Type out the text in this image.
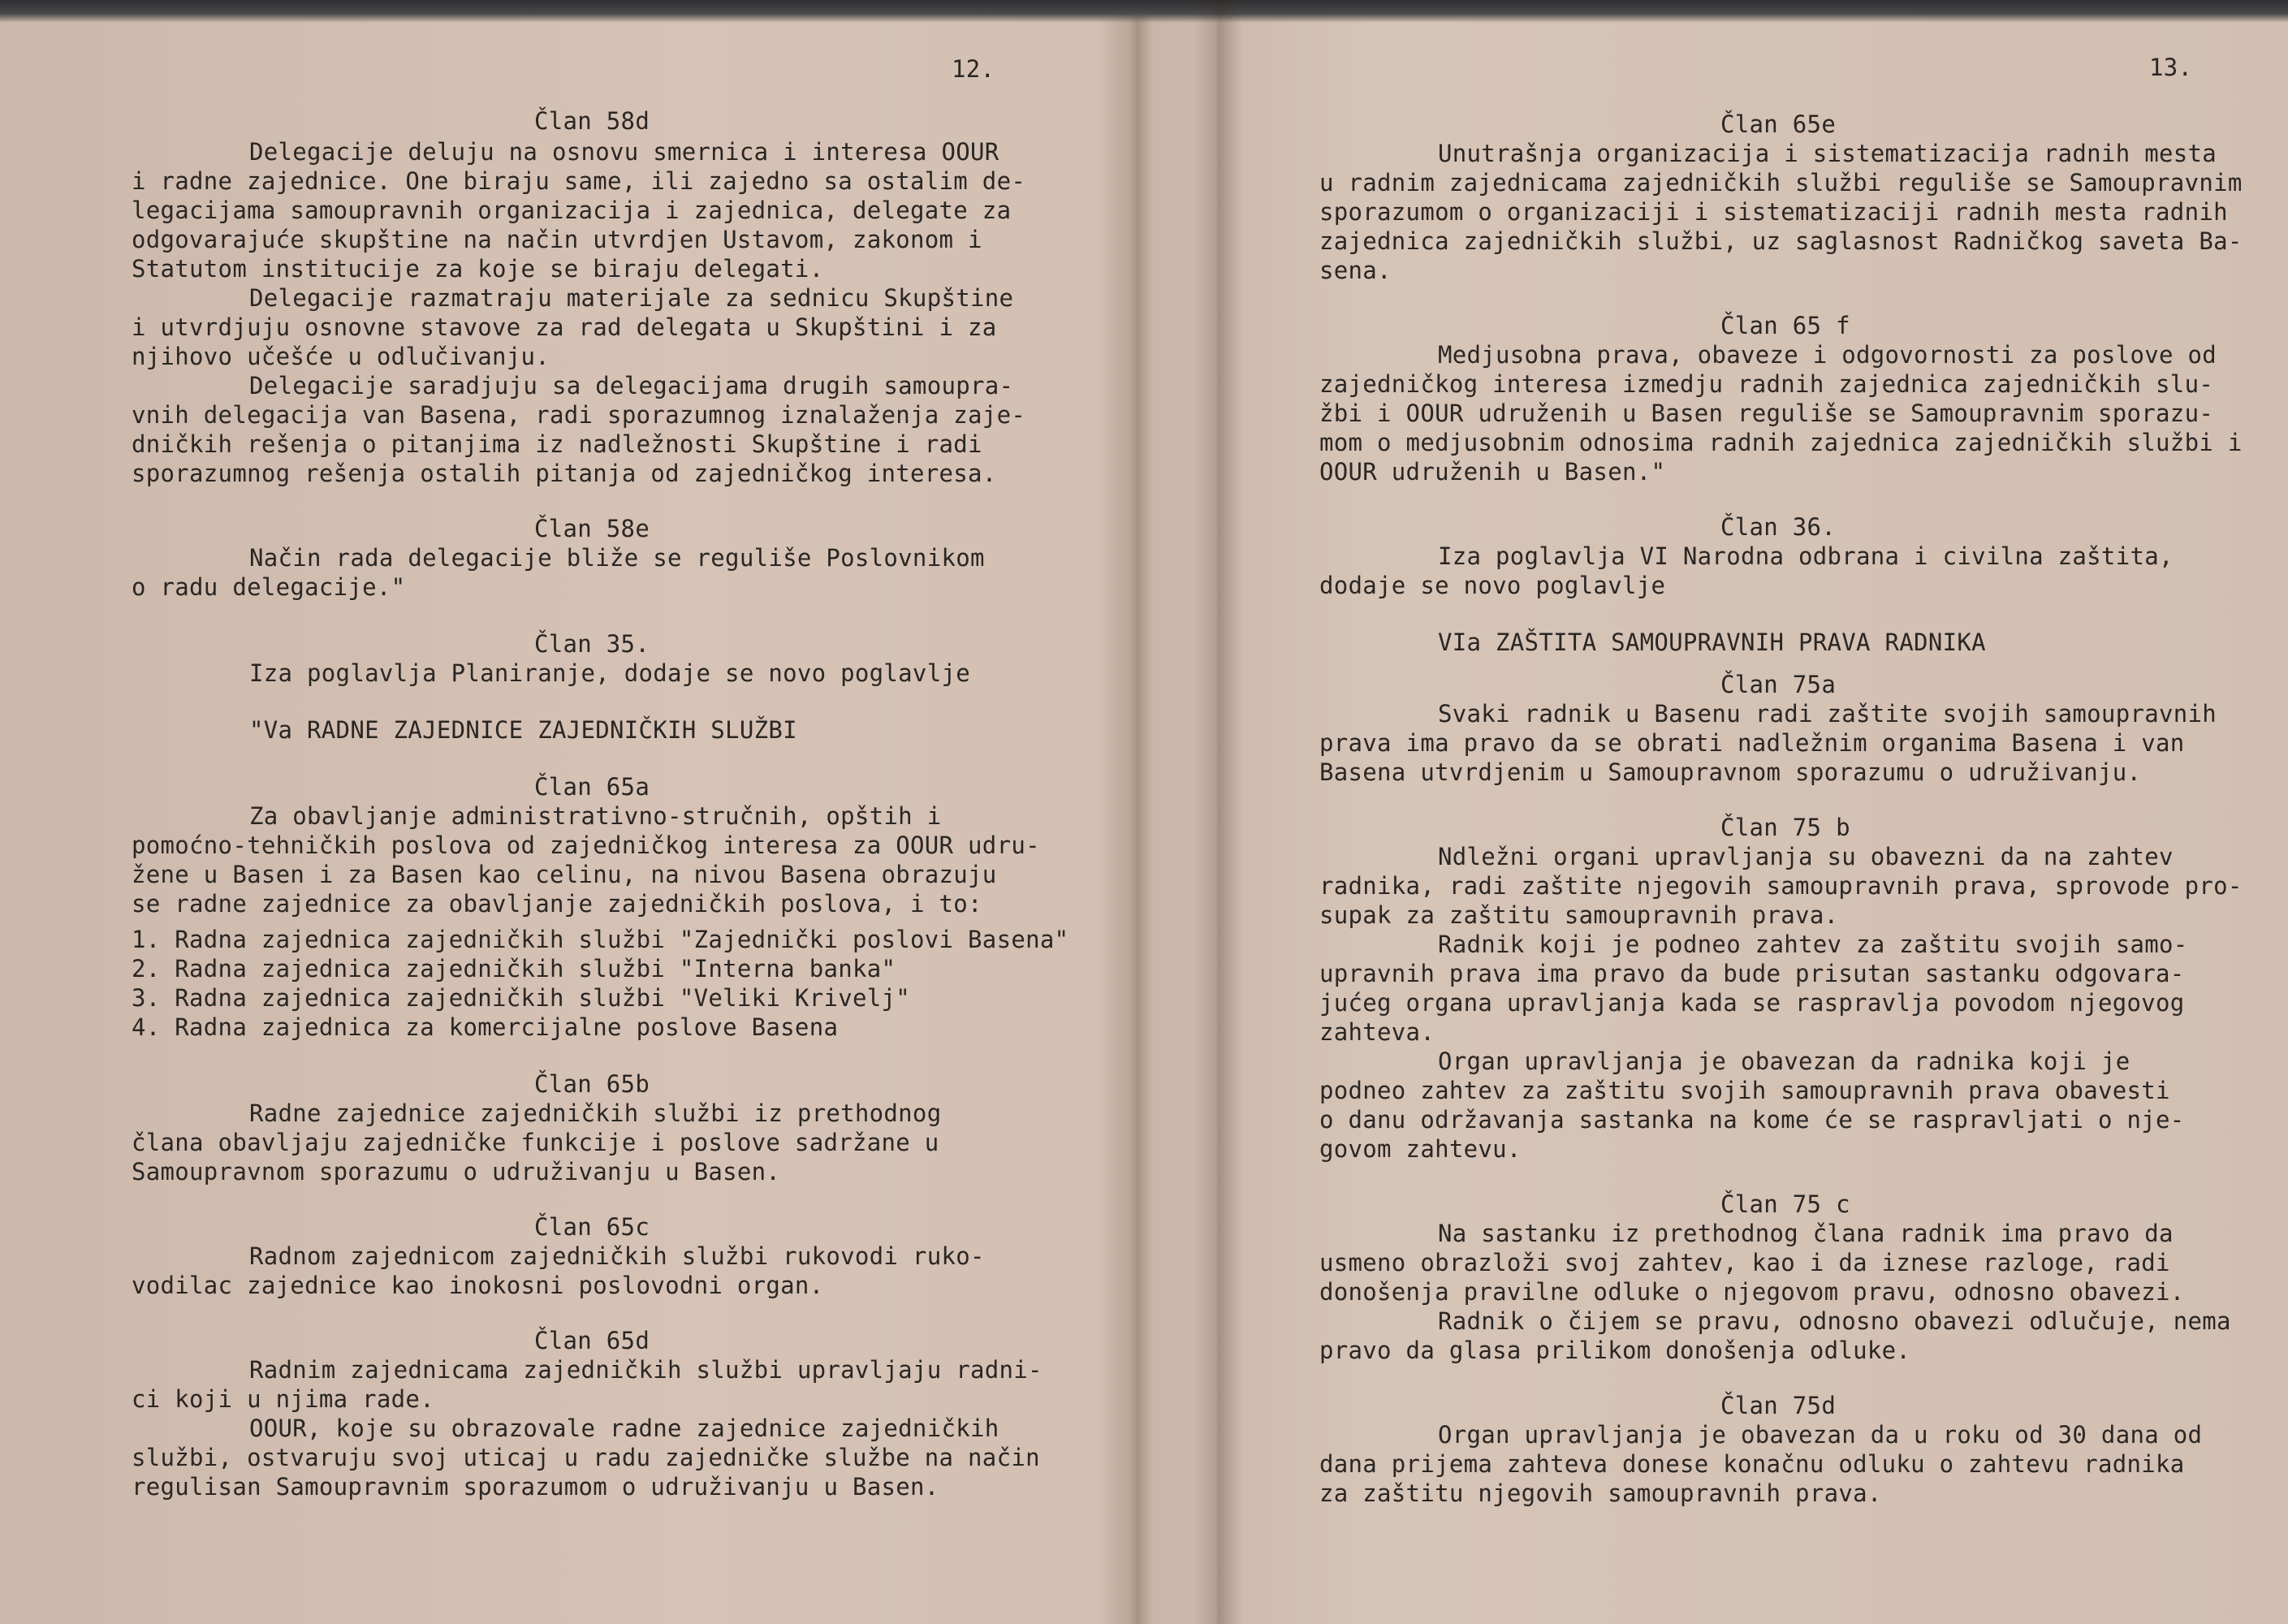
12.
Član 58d
Delegacije deluju na osnovu smernica i interesa OOUR
i radne zajednice. One biraju same, ili zajedno sa ostalim de-
legacijama samoupravnih organizacija i zajednica, delegate za
odgovarajuće skupštine na način utvrdjen Ustavom, zakonom i
Statutom institucije za koje se biraju delegati.
Delegacije razmatraju materijale za sednicu Skupštine
i utvrdjuju osnovne stavove za rad delegata u Skupštini i za
njihovo učešće u odlučivanju.
Delegacije saradjuju sa delegacijama drugih samoupra-
vnih delegacija van Basena, radi sporazumnog iznalaženja zaje-
dničkih rešenja o pitanjima iz nadležnosti Skupštine i radi
sporazumnog rešenja ostalih pitanja od zajedničkog interesa.
Član 58e
Način rada delegacije bliže se reguliše Poslovnikom
o radu delegacije."
Član 35.
Iza poglavlja Planiranje, dodaje se novo poglavlje
"Va RADNE ZAJEDNICE ZAJEDNIČKIH SLUŽBI
Član 65a
Za obavljanje administrativno-stručnih, opštih i
pomoćno-tehničkih poslova od zajedničkog interesa za OOUR udru-
žene u Basen i za Basen kao celinu, na nivou Basena obrazuju
se radne zajednice za obavljanje zajedničkih poslova, i to:
1. Radna zajednica zajedničkih službi "Zajednički poslovi Basena"
2. Radna zajednica zajedničkih službi "Interna banka"
3. Radna zajednica zajedničkih službi "Veliki Krivelj"
4. Radna zajednica za komercijalne poslove Basena
Član 65b
Radne zajednice zajedničkih službi iz prethodnog
člana obavljaju zajedničke funkcije i poslove sadržane u
Samoupravnom sporazumu o udruživanju u Basen.
Član 65c
Radnom zajednicom zajedničkih službi rukovodi ruko-
vodilac zajednice kao inokosni poslovodni organ.
Član 65d
Radnim zajednicama zajedničkih službi upravljaju radni-
ci koji u njima rade.
OOUR, koje su obrazovale radne zajednice zajedničkih
službi, ostvaruju svoj uticaj u radu zajedničke službe na način
regulisan Samoupravnim sporazumom o udruživanju u Basen.
13.
Član 65e
Unutrašnja organizacija i sistematizacija radnih mesta
u radnim zajednicama zajedničkih službi reguliše se Samoupravnim
sporazumom o organizaciji i sistematizaciji radnih mesta radnih
zajednica zajedničkih službi, uz saglasnost Radničkog saveta Ba-
sena.
Član 65 f
Medjusobna prava, obaveze i odgovornosti za poslove od
zajedničkog interesa izmedju radnih zajednica zajedničkih slu-
žbi i OOUR udruženih u Basen reguliše se Samoupravnim sporazu-
mom o medjusobnim odnosima radnih zajednica zajedničkih službi i
OOUR udruženih u Basen."
Član 36.
Iza poglavlja VI Narodna odbrana i civilna zaštita,
dodaje se novo poglavlje
VIa ZAŠTITA SAMOUPRAVNIH PRAVA RADNIKA
Član 75a
Svaki radnik u Basenu radi zaštite svojih samoupravnih
prava ima pravo da se obrati nadležnim organima Basena i van
Basena utvrdjenim u Samoupravnom sporazumu o udruživanju.
Član 75 b
Ndležni organi upravljanja su obavezni da na zahtev
radnika, radi zaštite njegovih samoupravnih prava, sprovode pro-
supak za zaštitu samoupravnih prava.
Radnik koji je podneo zahtev za zaštitu svojih samo-
upravnih prava ima pravo da bude prisutan sastanku odgovara-
jućeg organa upravljanja kada se raspravlja povodom njegovog
zahteva.
Organ upravljanja je obavezan da radnika koji je
podneo zahtev za zaštitu svojih samoupravnih prava obavesti
o danu održavanja sastanka na kome će se raspravljati o nje-
govom zahtevu.
Član 75 c
Na sastanku iz prethodnog člana radnik ima pravo da
usmeno obrazloži svoj zahtev, kao i da iznese razloge, radi
donošenja pravilne odluke o njegovom pravu, odnosno obavezi.
Radnik o čijem se pravu, odnosno obavezi odlučuje, nema
pravo da glasa prilikom donošenja odluke.
Član 75d
Organ upravljanja je obavezan da u roku od 30 dana od
dana prijema zahteva donese konačnu odluku o zahtevu radnika
za zaštitu njegovih samoupravnih prava.
